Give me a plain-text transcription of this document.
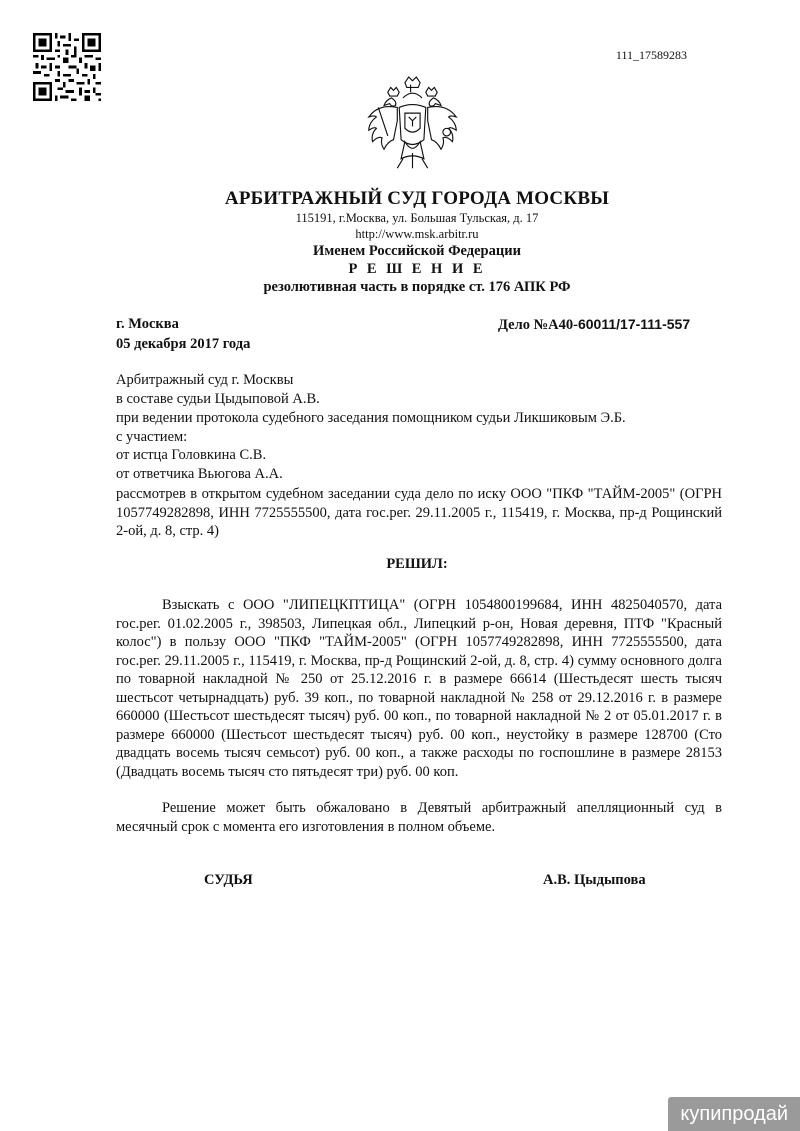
111_17589283
АРБИТРАЖНЫЙ СУД ГОРОДА МОСКВЫ
115191, г.Москва, ул. Большая Тульская, д. 17
http://www.msk.arbitr.ru
Именем Российской Федерации
Р Е Ш Е Н И Е
резолютивная часть в порядке ст. 176 АПК РФ
г. Москва
05 декабря 2017 года
Дело №А40-60011/17-111-557
Арбитражный суд г. Москвы
в составе судьи Цыдыповой А.В.
при ведении протокола судебного заседания помощником судьи Ликшиковым Э.Б.
с участием:
от истца Головкина С.В.
от ответчика Вьюгова А.А.
рассмотрев в открытом судебном заседании суда дело по иску ООО "ПКФ "ТАЙМ-2005" (ОГРН 1057749282898, ИНН 7725555500, дата гос.рег. 29.11.2005 г., 115419, г. Москва, пр-д Рощинский 2-ой, д. 8, стр. 4)
РЕШИЛ:
Взыскать с ООО "ЛИПЕЦКПТИЦА" (ОГРН 1054800199684, ИНН 4825040570, дата гос.рег. 01.02.2005 г., 398503, Липецкая обл., Липецкий р-он, Новая деревня, ПТФ "Красный колос") в пользу ООО "ПКФ "ТАЙМ-2005" (ОГРН 1057749282898, ИНН 7725555500, дата гос.рег. 29.11.2005 г., 115419, г. Москва, пр-д Рощинский 2-ой, д. 8, стр. 4) сумму основного долга по товарной накладной № 250 от 25.12.2016 г. в размере 66614 (Шестьдесят шесть тысяч шестьсот четырнадцать) руб. 39 коп., по товарной накладной № 258 от 29.12.2016 г. в размере 660000 (Шестьсот шестьдесят тысяч) руб. 00 коп., по товарной накладной № 2 от 05.01.2017 г. в размере 660000 (Шестьсот шестьдесят тысяч) руб. 00 коп., неустойку в размере 128700 (Сто двадцать восемь тысяч семьсот) руб. 00 коп., а также расходы по госпошлине в размере 28153 (Двадцать восемь тысяч сто пятьдесят три) руб. 00 коп.
Решение может быть обжаловано в Девятый арбитражный апелляционный суд в месячный срок с момента его изготовления в полном объеме.
СУДЬЯ	А.В. Цыдыпова
купипродай
